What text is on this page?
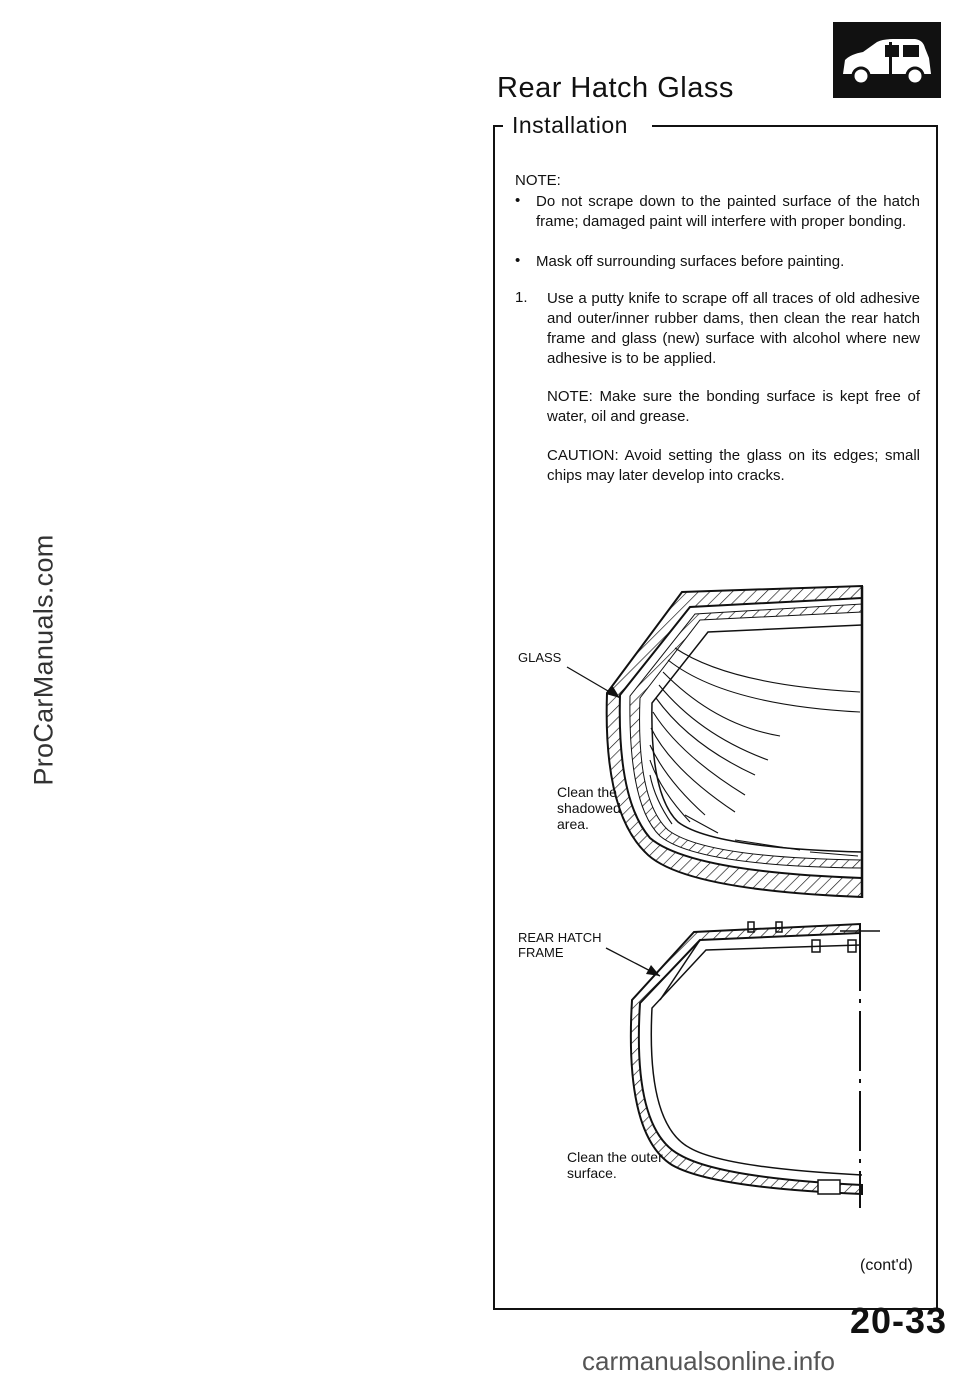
ProCarManuals.com
Rear Hatch Glass
Installation
NOTE:
• Do not scrape down to the painted surface of the hatch frame; damaged paint will interfere with proper bonding.
• Mask off surrounding surfaces before painting.
1. Use a putty knife to scrape off all traces of old adhesive and outer/inner rubber dams, then clean the rear hatch frame and glass (new) surface with alcohol where new adhesive is to be applied.
NOTE: Make sure the bonding surface is kept free of water, oil and grease.
CAUTION: Avoid setting the glass on its edges; small chips may later develop into cracks.
GLASS
Clean the
shadowed
area.
REAR HATCH
FRAME
Clean the outer
surface.
(cont'd)
20-33
carmanualsonline.info
